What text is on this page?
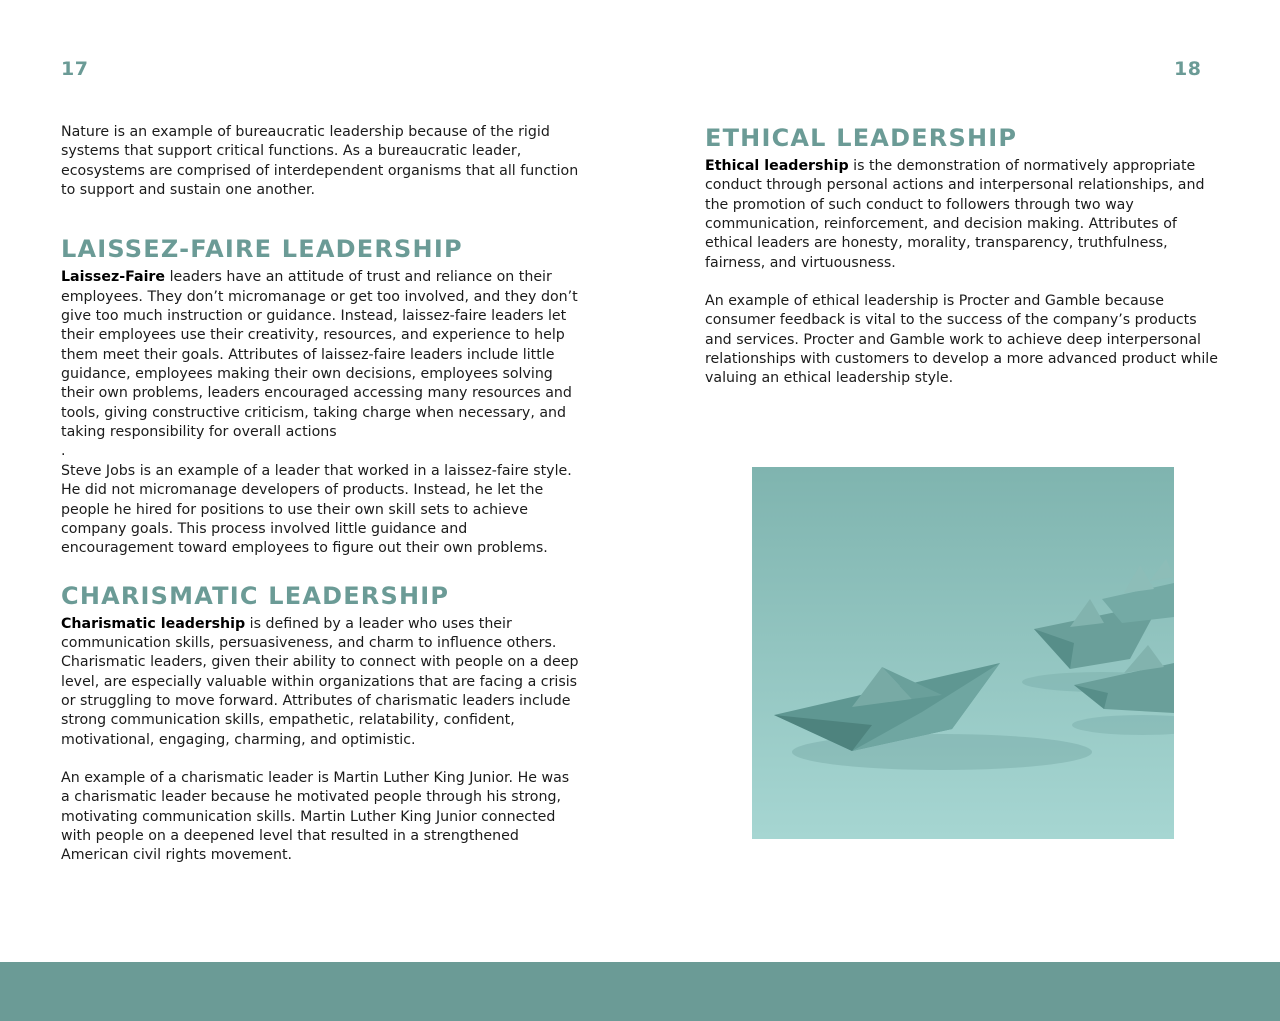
17	18

Nature is an example of bureaucratic leadership because of the rigid systems that support critical functions. As a bureaucratic leader, ecosystems are comprised of interdependent organisms that all function to support and sustain one another.

LAISSEZ-FAIRE LEADERSHIP

Laissez-Faire leaders have an attitude of trust and reliance on their employees. They don’t micromanage or get too involved, and they don’t give too much instruction or guidance. Instead, laissez-faire leaders let their employees use their creativity, resources, and experience to help them meet their goals. Attributes of laissez-faire leaders include little guidance, employees making their own decisions, employees solving their own problems, leaders encouraged accessing many resources and tools, giving constructive criticism, taking charge when necessary, and taking responsibility for overall actions

.

Steve Jobs is an example of a leader that worked in a laissez-faire style. He did not micromanage developers of products. Instead, he let the people he hired for positions to use their own skill sets to achieve company goals. This process involved little guidance and encouragement toward employees to figure out their own problems.

CHARISMATIC LEADERSHIP

Charismatic leadership is defined by a leader who uses their communication skills, persuasiveness, and charm to influence others. Charismatic leaders, given their ability to connect with people on a deep level, are especially valuable within organizations that are facing a crisis or struggling to move forward. Attributes of charismatic leaders include strong communication skills, empathetic, relatability, confident, motivational, engaging, charming, and optimistic.

An example of a charismatic leader is Martin Luther King Junior. He was a charismatic leader because he motivated people through his strong, motivating communication skills. Martin Luther King Junior connected with people on a deepened level that resulted in a strengthened American civil rights movement.

ETHICAL LEADERSHIP

Ethical leadership is the demonstration of normatively appropriate conduct through personal actions and interpersonal relationships, and the promotion of such conduct to followers through two way communication, reinforcement, and decision making. Attributes of ethical leaders are honesty, morality, transparency, truthfulness, fairness, and virtuousness.

An example of ethical leadership is Procter and Gamble because consumer feedback is vital to the success of the company’s products and services. Procter and Gamble work to achieve deep interpersonal relationships with customers to develop a more advanced product while valuing an ethical leadership style.
